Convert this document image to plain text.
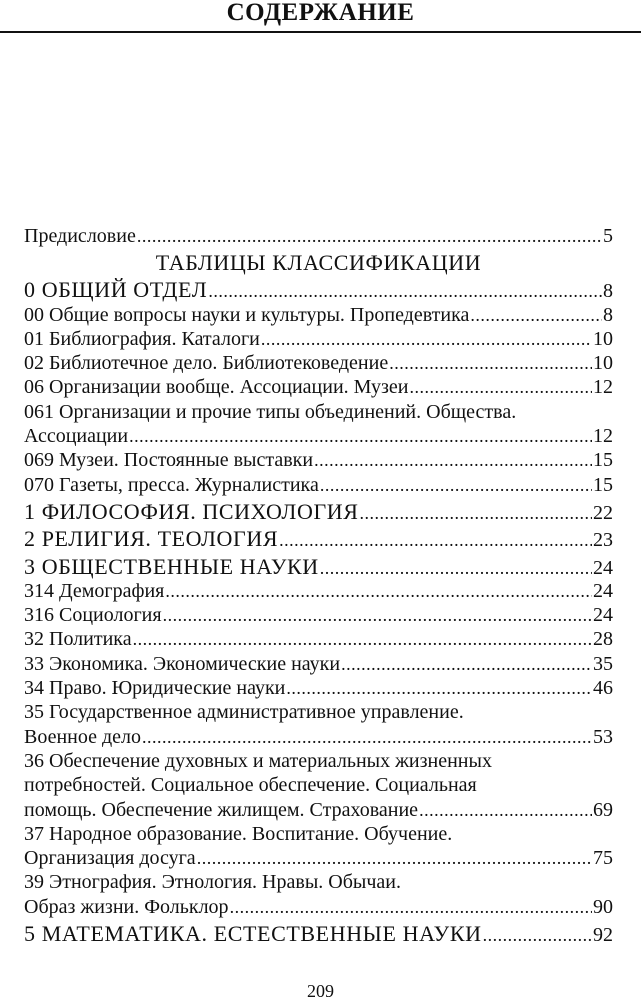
СОДЕРЖАНИЕ
Предисловие .....	5
ТАБЛИЦЫ КЛАССИФИКАЦИИ
0 ОБЩИЙ ОТДЕЛ .....	8
00 Общие вопросы науки и культуры. Пропедевтика .....	8
01 Библиография. Каталоги .....	10
02 Библиотечное дело. Библиотековедение .....	10
06 Организации вообще. Ассоциации. Музеи .....	12
061 Организации и прочие типы объединений. Общества.
Ассоциации .....	12
069 Музеи. Постоянные выставки .....	15
070 Газеты, пресса. Журналистика .....	15
1 ФИЛОСОФИЯ. ПСИХОЛОГИЯ .....	22
2 РЕЛИГИЯ. ТЕОЛОГИЯ .....	23
3 ОБЩЕСТВЕННЫЕ НАУКИ .....	24
314 Демография .....	24
316 Социология .....	24
32 Политика .....	28
33 Экономика. Экономические науки .....	35
34 Право. Юридические науки .....	46
35 Государственное административное управление.
Военное дело .....	53
36 Обеспечение духовных и материальных жизненных
потребностей. Социальное обеспечение. Социальная
помощь. Обеспечение жилищем. Страхование .....	69
37 Народное образование. Воспитание. Обучение.
Организация досуга .....	75
39 Этнография. Этнология. Нравы. Обычаи.
Образ жизни. Фольклор .....	90
5 МАТЕМАТИКА. ЕСТЕСТВЕННЫЕ НАУКИ .....	92
209
